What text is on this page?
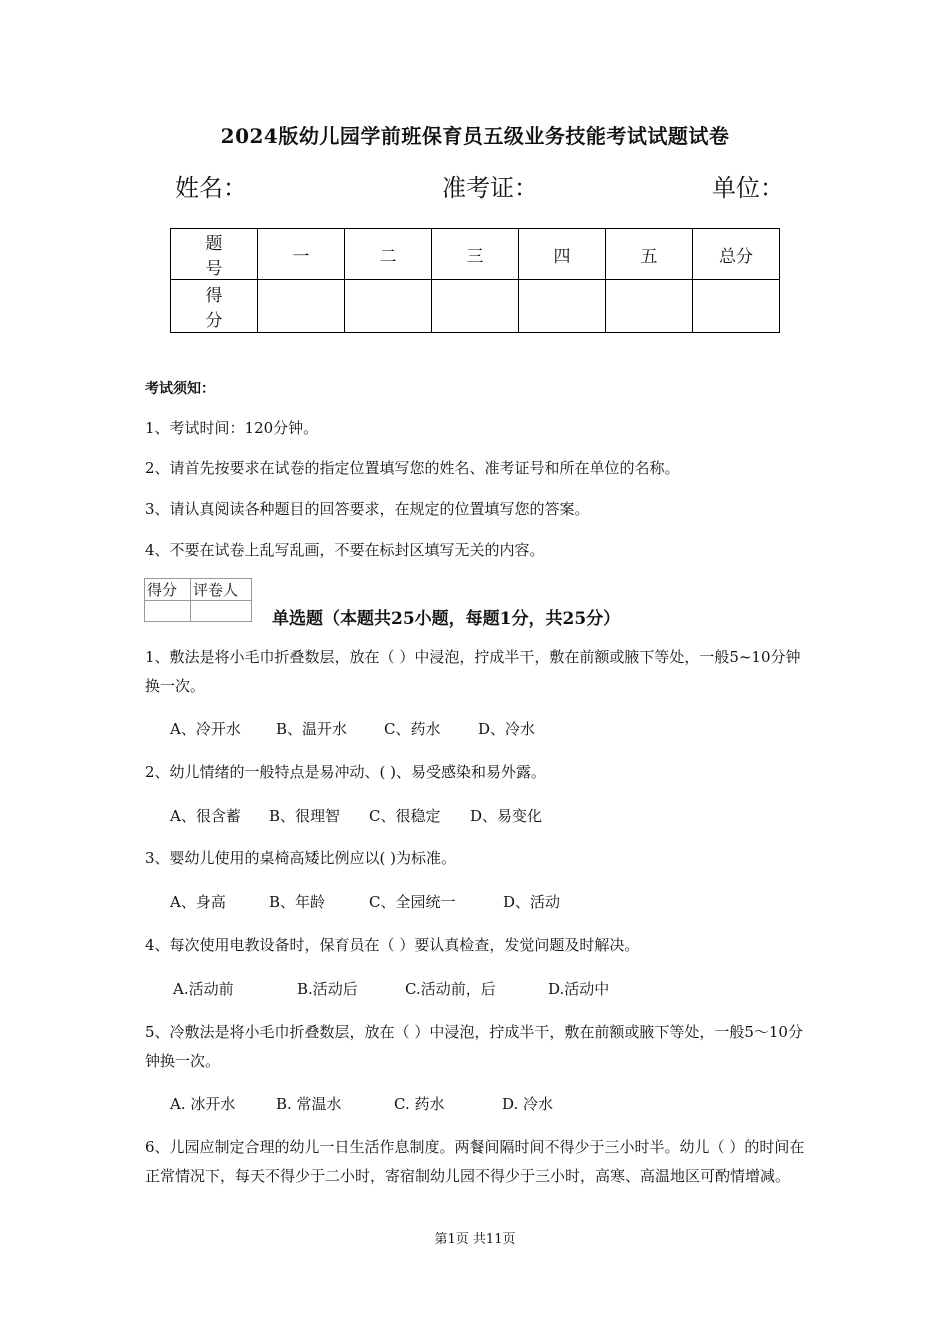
2024版幼儿园学前班保育员五级业务技能考试试题试卷
姓名：	准考证：	单位：
题 号	一	二	三	四	五	总分
得 分						
考试须知：
1、考试时间：120分钟。
2、请首先按要求在试卷的指定位置填写您的姓名、准考证号和所在单位的名称。
3、请认真阅读各种题目的回答要求，在规定的位置填写您的答案。
4、不要在试卷上乱写乱画，不要在标封区填写无关的内容。
得分	评卷人

单选题（本题共25小题，每题1分，共25分）
1、敷法是将小毛巾折叠数层，放在（ ）中浸泡，拧成半干，敷在前额或腋下等处，一般5~10分钟换一次。
A、冷开水 B、温开水 C、药水	D、冷水
2、幼儿情绪的一般特点是易冲动、( )、易受感染和易外露。
A、很含蓄 B、很理智 C、很稳定 D、易变化
3、婴幼儿使用的桌椅高矮比例应以( )为标准。
A、身高	B、年龄	C、全园统一	D、活动
4、每次使用电教设备时，保育员在（ ）要认真检查，发觉问题及时解决。
A.活动前	B.活动后	C.活动前，后	D.活动中
5、冷敷法是将小毛巾折叠数层，放在（ ）中浸泡，拧成半干，敷在前额或腋下等处，一般5～10分钟换一次。
A. 冰开水	B. 常温水	C. 药水	D. 冷水
6、儿园应制定合理的幼儿一日生活作息制度。两餐间隔时间不得少于三小时半。幼儿（ ）的时间在正常情况下，每天不得少于二小时，寄宿制幼儿园不得少于三小时，高寒、高温地区可酌情增减。
第1页 共11页
